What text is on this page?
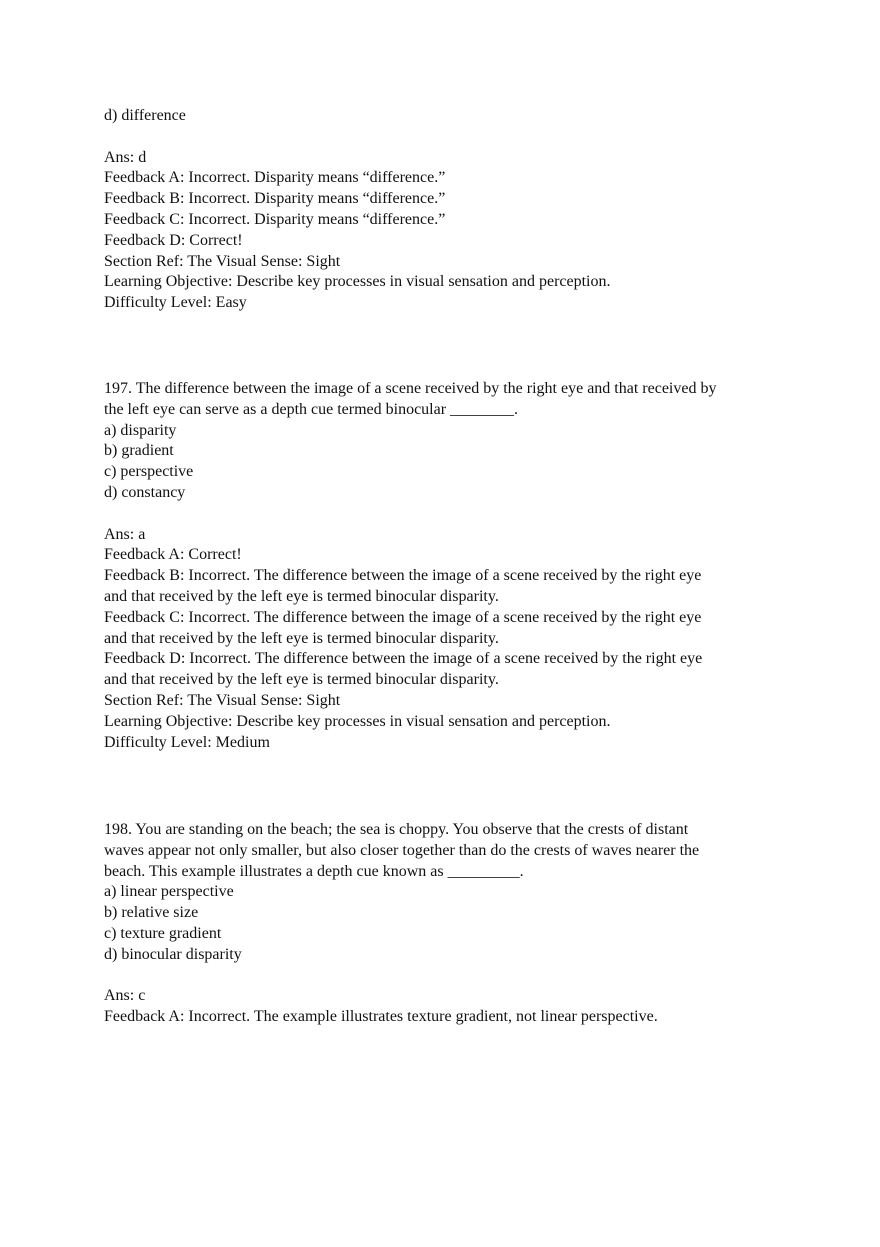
d) difference
Ans: d
Feedback A: Incorrect. Disparity means “difference.”
Feedback B: Incorrect. Disparity means “difference.”
Feedback C: Incorrect. Disparity means “difference.”
Feedback D: Correct!
Section Ref: The Visual Sense: Sight
Learning Objective: Describe key processes in visual sensation and perception.
Difficulty Level: Easy
197. The difference between the image of a scene received by the right eye and that received by
the left eye can serve as a depth cue termed binocular ________.
a) disparity
b) gradient
c) perspective
d) constancy
Ans: a
Feedback A: Correct!
Feedback B: Incorrect. The difference between the image of a scene received by the right eye
and that received by the left eye is termed binocular disparity.
Feedback C: Incorrect. The difference between the image of a scene received by the right eye
and that received by the left eye is termed binocular disparity.
Feedback D: Incorrect. The difference between the image of a scene received by the right eye
and that received by the left eye is termed binocular disparity.
Section Ref: The Visual Sense: Sight
Learning Objective: Describe key processes in visual sensation and perception.
Difficulty Level: Medium
198. You are standing on the beach; the sea is choppy. You observe that the crests of distant
waves appear not only smaller, but also closer together than do the crests of waves nearer the
beach. This example illustrates a depth cue known as _________.
a) linear perspective
b) relative size
c) texture gradient
d) binocular disparity
Ans: c
Feedback A: Incorrect. The example illustrates texture gradient, not linear perspective.
